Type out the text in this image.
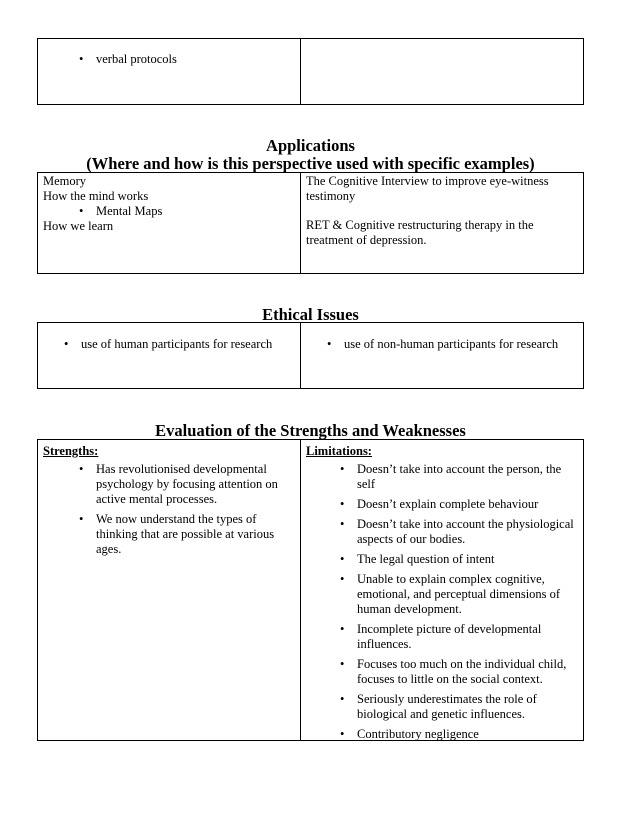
• verbal protocols
Applications
(Where and how is this perspective used with specific examples)
Memory
How the mind works
• Mental Maps
How we learn
The Cognitive Interview to improve eye-witness testimony
RET & Cognitive restructuring therapy in the treatment of depression.
Ethical Issues
• use of human participants for research
•	use of non-human participants for research
Evaluation of the Strengths and Weaknesses
Strengths:
• Has revolutionised developmental psychology by focusing attention on active mental processes.
• We now understand the types of thinking that are possible at various ages.
Limitations:
• Doesn’t take into account the person, the self
• Doesn’t explain complete behaviour
• Doesn’t take into account the physiological aspects of our bodies.
• The legal question of intent
• Unable to explain complex cognitive, emotional, and perceptual dimensions of human development.
• Incomplete picture of developmental influences.
• Focuses too much on the individual child, focuses to little on the social context.
• Seriously underestimates the role of biological and genetic influences.
• Contributory negligence
